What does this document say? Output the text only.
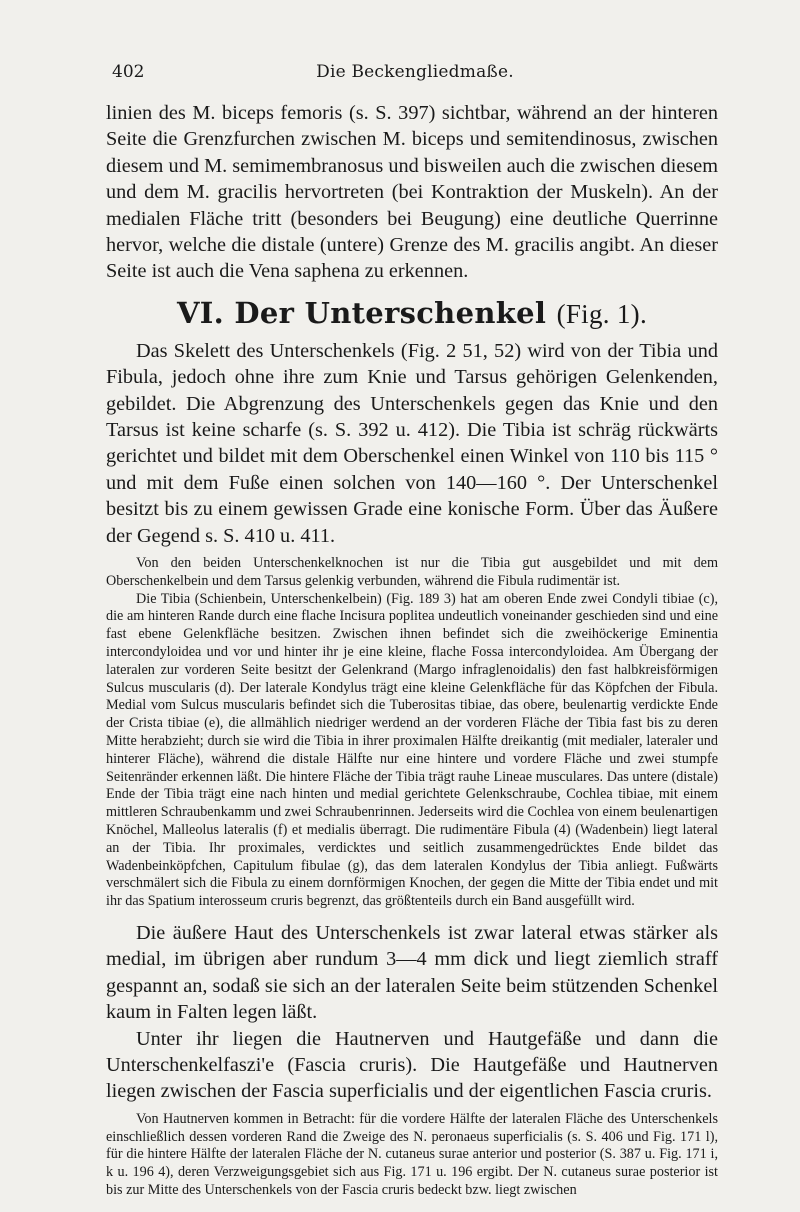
402	Die Beckengliedmaße.

linien des M. biceps femoris (s. S. 397) sichtbar, während an der hinteren Seite die Grenzfurchen zwischen M. biceps und semitendinosus, zwischen diesem und M. semimembranosus und bisweilen auch die zwischen diesem und dem M. gracilis hervortreten (bei Kontraktion der Muskeln). An der medialen Fläche tritt (besonders bei Beugung) eine deutliche Querrinne hervor, welche die distale (untere) Grenze des M. gracilis angibt. An dieser Seite ist auch die Vena saphena zu erkennen.

VI. Der Unterschenkel (Fig. 1).

Das Skelett des Unterschenkels (Fig. 2 51, 52) wird von der Tibia und Fibula, jedoch ohne ihre zum Knie und Tarsus gehörigen Gelenkenden, gebildet. Die Abgrenzung des Unterschenkels gegen das Knie und den Tarsus ist keine scharfe (s. S. 392 u. 412). Die Tibia ist schräg rückwärts gerichtet und bildet mit dem Oberschenkel einen Winkel von 110 bis 115 ° und mit dem Fuße einen solchen von 140—160 °. Der Unterschenkel besitzt bis zu einem gewissen Grade eine konische Form. Über das Äußere der Gegend s. S. 410 u. 411.

Von den beiden Unterschenkelknochen ist nur die Tibia gut ausgebildet und mit dem Oberschenkelbein und dem Tarsus gelenkig verbunden, während die Fibula rudimentär ist.

Die Tibia (Schienbein, Unterschenkelbein) (Fig. 189 3) hat am oberen Ende zwei Condyli tibiae (c), die am hinteren Rande durch eine flache Incisura poplitea undeutlich voneinander geschieden sind und eine fast ebene Gelenkfläche besitzen. Zwischen ihnen befindet sich die zweihöckerige Eminentia intercondyloidea und vor und hinter ihr je eine kleine, flache Fossa intercondyloidea. Am Übergang der lateralen zur vorderen Seite besitzt der Gelenkrand (Margo infraglenoidalis) den fast halbkreisförmigen Sulcus muscularis (d). Der laterale Kondylus trägt eine kleine Gelenkfläche für das Köpfchen der Fibula. Medial vom Sulcus muscularis befindet sich die Tuberositas tibiae, das obere, beulenartig verdickte Ende der Crista tibiae (e), die allmählich niedriger werdend an der vorderen Fläche der Tibia fast bis zu deren Mitte herabzieht; durch sie wird die Tibia in ihrer proximalen Hälfte dreikantig (mit medialer, lateraler und hinterer Fläche), während die distale Hälfte nur eine hintere und vordere Fläche und zwei stumpfe Seitenränder erkennen läßt. Die hintere Fläche der Tibia trägt rauhe Lineae musculares. Das untere (distale) Ende der Tibia trägt eine nach hinten und medial gerichtete Gelenkschraube, Cochlea tibiae, mit einem mittleren Schraubenkamm und zwei Schraubenrinnen. Jederseits wird die Cochlea von einem beulenartigen Knöchel, Malleolus lateralis (f) et medialis überragt. Die rudimentäre Fibula (4) (Wadenbein) liegt lateral an der Tibia. Ihr proximales, verdicktes und seitlich zusammengedrücktes Ende bildet das Wadenbeinköpfchen, Capitulum fibulae (g), das dem lateralen Kondylus der Tibia anliegt. Fußwärts verschmälert sich die Fibula zu einem dornförmigen Knochen, der gegen die Mitte der Tibia endet und mit ihr das Spatium interosseum cruris begrenzt, das größtenteils durch ein Band ausgefüllt wird.

Die äußere Haut des Unterschenkels ist zwar lateral etwas stärker als medial, im übrigen aber rundum 3—4 mm dick und liegt ziemlich straff gespannt an, sodaß sie sich an der lateralen Seite beim stützenden Schenkel kaum in Falten legen läßt.

Unter ihr liegen die Hautnerven und Hautgefäße und dann die Unterschenkelfaszi'e (Fascia cruris). Die Hautgefäße und Hautnerven liegen zwischen der Fascia superficialis und der eigentlichen Fascia cruris.

Von Hautnerven kommen in Betracht: für die vordere Hälfte der lateralen Fläche des Unterschenkels einschließlich dessen vorderen Rand die Zweige des N. peronaeus superficialis (s. S. 406 und Fig. 171 l), für die hintere Hälfte der lateralen Fläche der N. cutaneus surae anterior und posterior (S. 387 u. Fig. 171 i, k u. 196 4), deren Verzweigungsgebiet sich aus Fig. 171 u. 196 ergibt. Der N. cutaneus surae posterior ist bis zur Mitte des Unterschenkels von der Fascia cruris bedeckt bzw. liegt zwischen
